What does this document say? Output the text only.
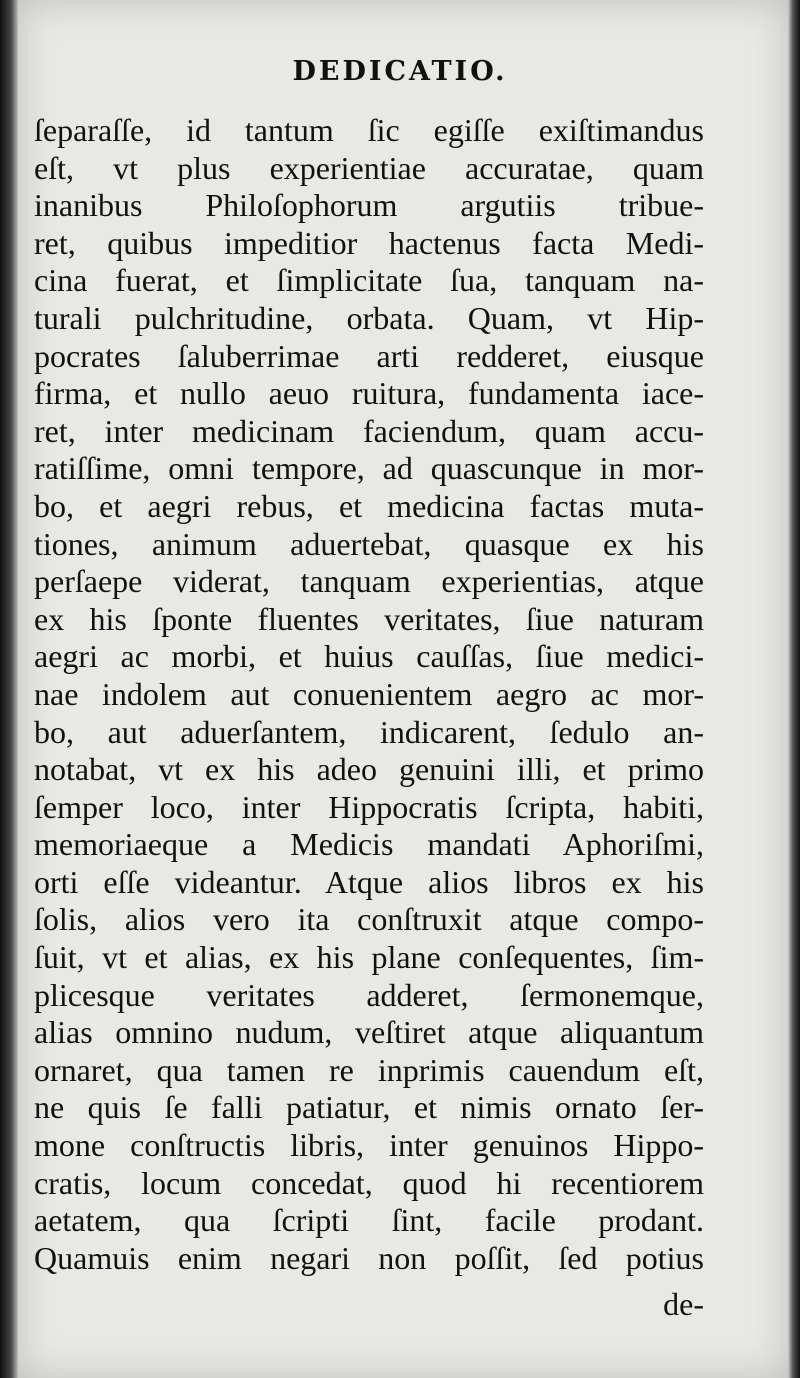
DEDICATIO.
ſeparaſſe, id tantum ſic egiſſe exiſtimandus
eſt, vt plus experientiae accuratae, quam
inanibus Philoſophorum argutiis tribue-
ret, quibus impeditior hactenus facta Medi-
cina fuerat, et ſimplicitate ſua, tanquam na-
turali pulchritudine, orbata. Quam, vt Hip-
pocrates ſaluberrimae arti redderet, eiusque
firma, et nullo aeuo ruitura, fundamenta iace-
ret, inter medicinam faciendum, quam accu-
ratiſſime, omni tempore, ad quascunque in mor-
bo, et aegri rebus, et medicina factas muta-
tiones, animum aduertebat, quasque ex his
perſaepe viderat, tanquam experientias, atque
ex his ſponte fluentes veritates, ſiue naturam
aegri ac morbi, et huius cauſſas, ſiue medici-
nae indolem aut conuenientem aegro ac mor-
bo, aut aduerſantem, indicarent, ſedulo an-
notabat, vt ex his adeo genuini illi, et primo
ſemper loco, inter Hippocratis ſcripta, habiti,
memoriaeque a Medicis mandati Aphoriſmi,
orti eſſe videantur. Atque alios libros ex his
ſolis, alios vero ita conſtruxit atque compo-
ſuit, vt et alias, ex his plane conſequentes, ſim-
plicesque veritates adderet, ſermonemque,
alias omnino nudum, veſtiret atque aliquantum
ornaret, qua tamen re inprimis cauendum eſt,
ne quis ſe falli patiatur, et nimis ornato ſer-
mone conſtructis libris, inter genuinos Hippo-
cratis, locum concedat, quod hi recentiorem
aetatem, qua ſcripti ſint, facile prodant.
Quamuis enim negari non poſſit, ſed potius
de-
